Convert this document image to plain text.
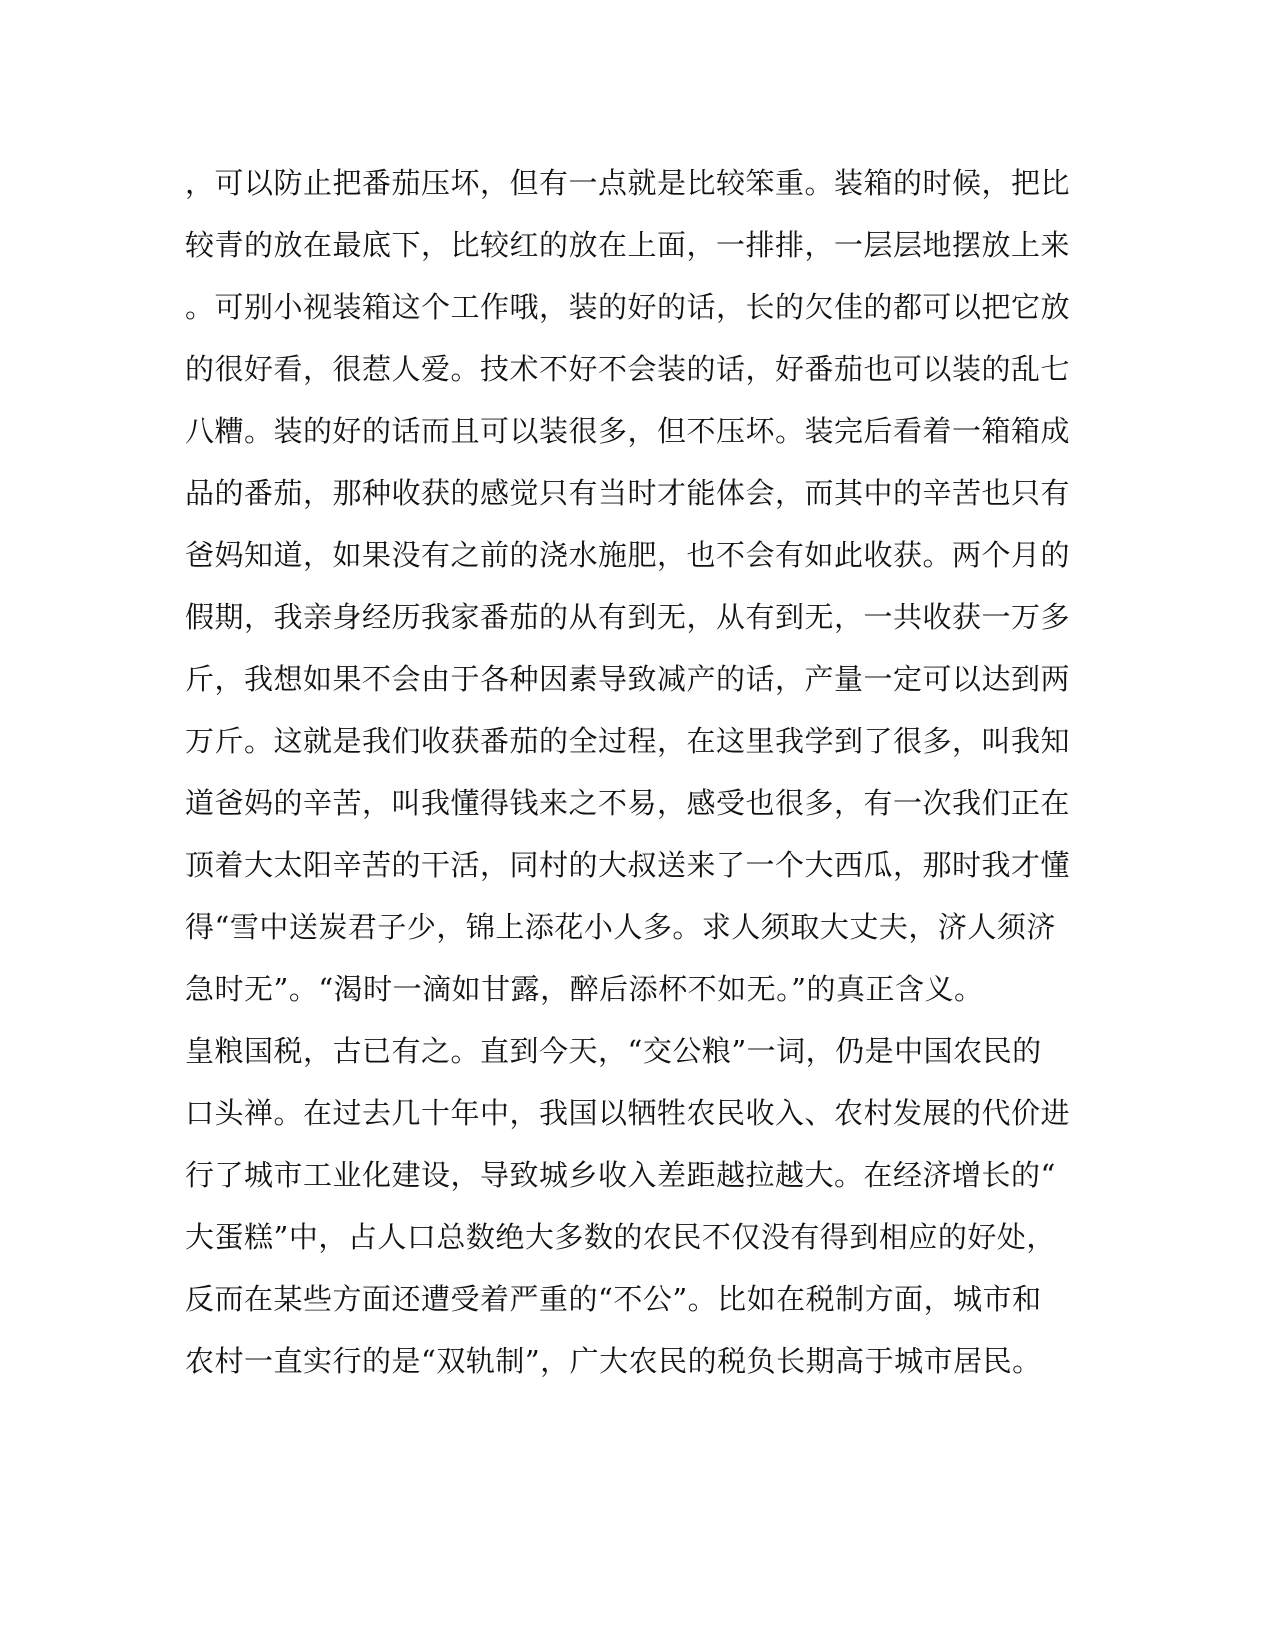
，可以防止把番茄压坏，但有一点就是比较笨重。装箱的时候，把比
较青的放在最底下，比较红的放在上面，一排排，一层层地摆放上来
。可别小视装箱这个工作哦，装的好的话，长的欠佳的都可以把它放
的很好看，很惹人爱。技术不好不会装的话，好番茄也可以装的乱七
八糟。装的好的话而且可以装很多，但不压坏。装完后看着一箱箱成
品的番茄，那种收获的感觉只有当时才能体会，而其中的辛苦也只有
爸妈知道，如果没有之前的浇水施肥，也不会有如此收获。两个月的
假期，我亲身经历我家番茄的从有到无，从有到无，一共收获一万多
斤，我想如果不会由于各种因素导致减产的话，产量一定可以达到两
万斤。这就是我们收获番茄的全过程，在这里我学到了很多，叫我知
道爸妈的辛苦，叫我懂得钱来之不易，感受也很多，有一次我们正在
顶着大太阳辛苦的干活，同村的大叔送来了一个大西瓜，那时我才懂
得“雪中送炭君子少，锦上添花小人多。求人须取大丈夫，济人须济
急时无”。“渴时一滴如甘露，醉后添杯不如无。”的真正含义。
皇粮国税，古已有之。直到今天，“交公粮”一词，仍是中国农民的
口头禅。在过去几十年中，我国以牺牲农民收入、农村发展的代价进
行了城市工业化建设，导致城乡收入差距越拉越大。在经济增长的“
大蛋糕”中，占人口总数绝大多数的农民不仅没有得到相应的好处，
反而在某些方面还遭受着严重的“不公”。比如在税制方面，城市和
农村一直实行的是“双轨制”，广大农民的税负长期高于城市居民。
